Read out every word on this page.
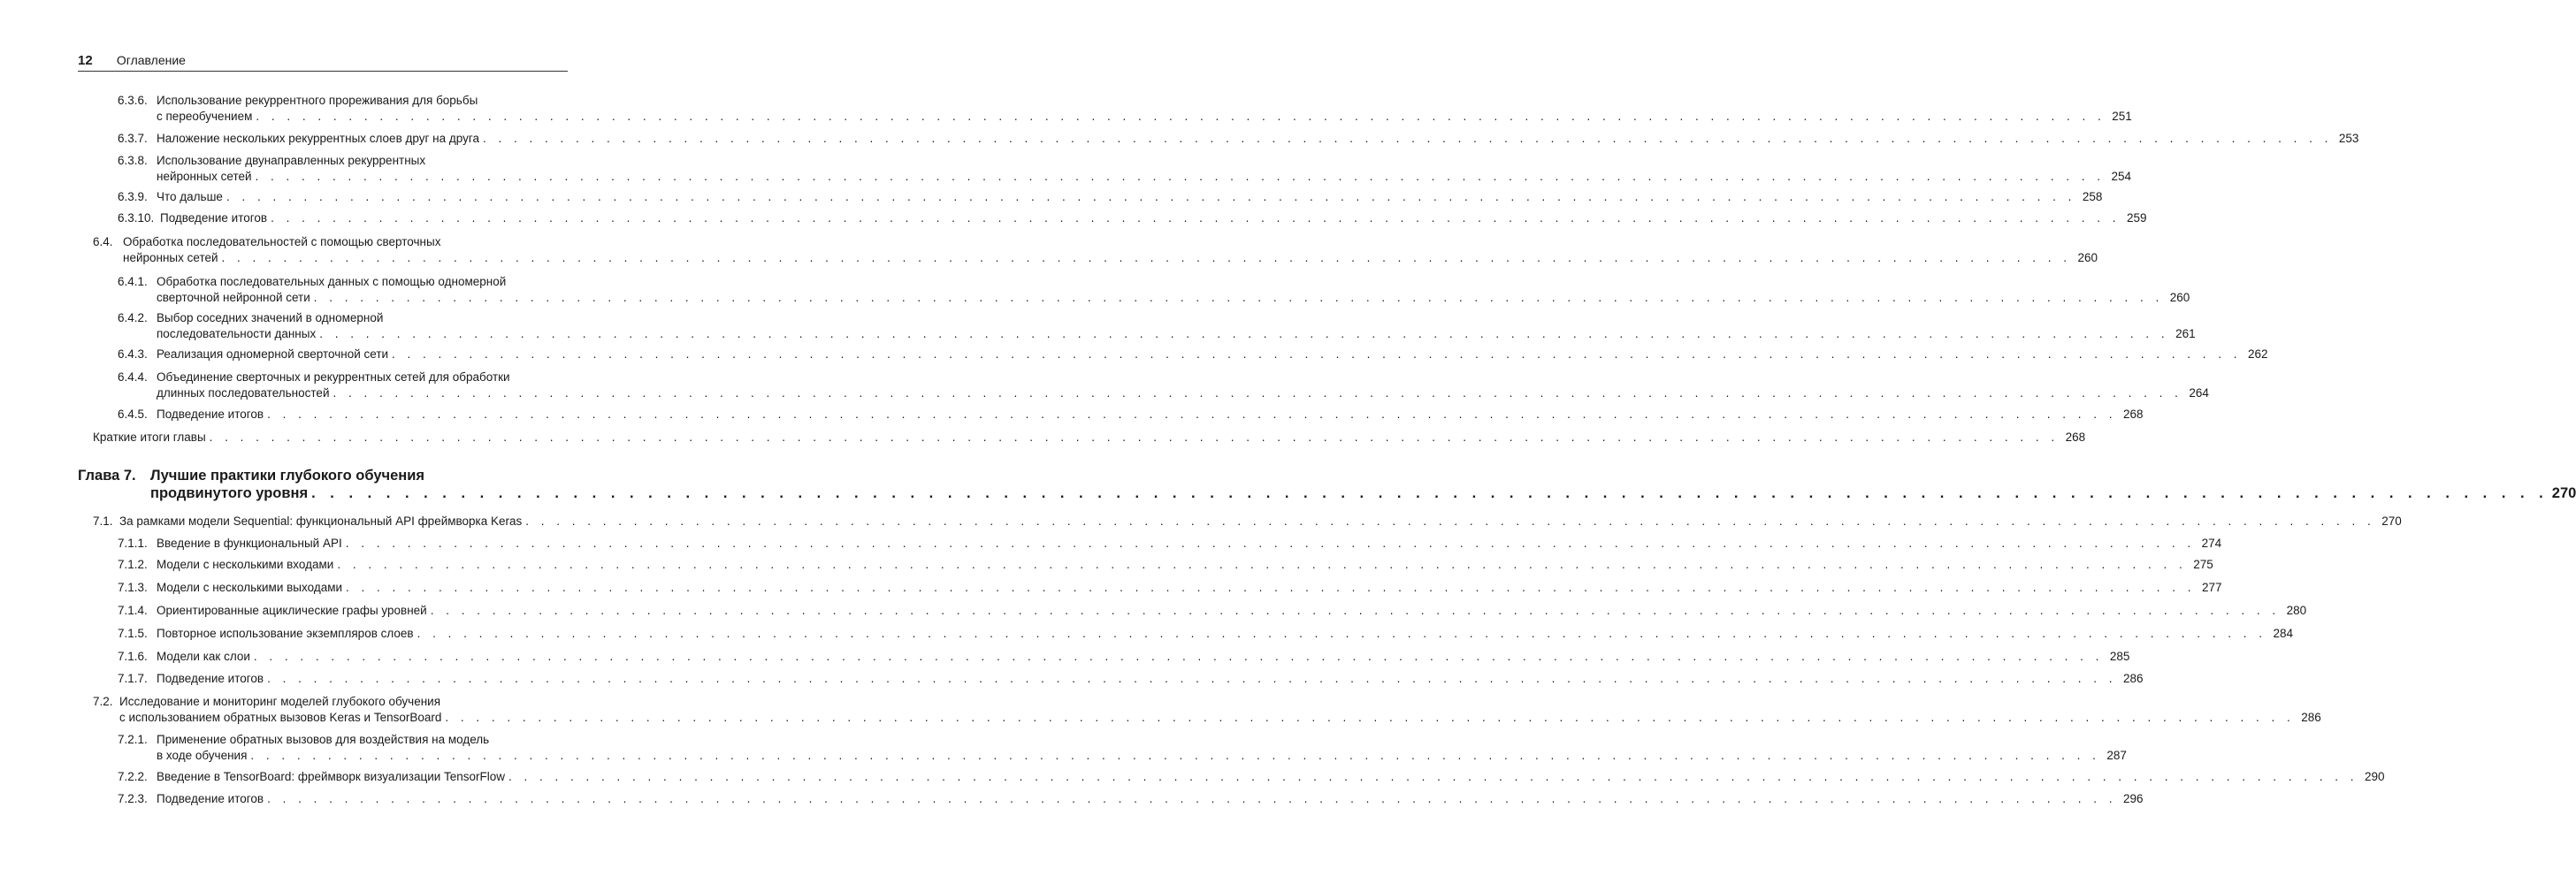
12 Оглавление
6.3.6. Использование рекуррентного прореживания для борьбы
с переобучением . . . . . . . . . . . . . . . . . . . . . . . . . . . . . . . . . . . . . . . . . . . . . . . . . . . . . . . . . . . . . . . . . . . . . . . . . . . . . . . . . . . . . . . . . . . . . . . . . . . . . . . . . . . . . . . . . . . . . . . . 251
6.3.7. Наложение нескольких рекуррентных слоев друг на друга . . . . . . . . . . . . . . . . . . . . . . . . . . . . . . . . . . . . . . . . . . . . . . . . . . . . . . . . . . . . . . . . . . . . . . . . . . . . . . . . . . . . . . . . . . . . . . . . . . . . . . . . . . . . . . . . . . . . . . . . 253
6.3.8. Использование двунаправленных рекуррентных
нейронных сетей . . . . . . . . . . . . . . . . . . . . . . . . . . . . . . . . . . . . . . . . . . . . . . . . . . . . . . . . . . . . . . . . . . . . . . . . . . . . . . . . . . . . . . . . . . . . . . . . . . . . . . . . . . . . . . . . . . . . . . . . 254
6.3.9. Что дальше . . . . . . . . . . . . . . . . . . . . . . . . . . . . . . . . . . . . . . . . . . . . . . . . . . . . . . . . . . . . . . . . . . . . . . . . . . . . . . . . . . . . . . . . . . . . . . . . . . . . . . . . . . . . . . . . . . . . . . . . 258
6.3.10. Подведение итогов . . . . . . . . . . . . . . . . . . . . . . . . . . . . . . . . . . . . . . . . . . . . . . . . . . . . . . . . . . . . . . . . . . . . . . . . . . . . . . . . . . . . . . . . . . . . . . . . . . . . . . . . . . . . . . . . . . . . . . . . 259
6.4. Обработка последовательностей с помощью сверточных
нейронных сетей . . . . . . . . . . . . . . . . . . . . . . . . . . . . . . . . . . . . . . . . . . . . . . . . . . . . . . . . . . . . . . . . . . . . . . . . . . . . . . . . . . . . . . . . . . . . . . . . . . . . . . . . . . . . . . . . . . . . . . . . 260
6.4.1. Обработка последовательных данных с помощью одномерной
сверточной нейронной сети . . . . . . . . . . . . . . . . . . . . . . . . . . . . . . . . . . . . . . . . . . . . . . . . . . . . . . . . . . . . . . . . . . . . . . . . . . . . . . . . . . . . . . . . . . . . . . . . . . . . . . . . . . . . . . . . . . . . . . . . 260
6.4.2. Выбор соседних значений в одномерной
последовательности данных . . . . . . . . . . . . . . . . . . . . . . . . . . . . . . . . . . . . . . . . . . . . . . . . . . . . . . . . . . . . . . . . . . . . . . . . . . . . . . . . . . . . . . . . . . . . . . . . . . . . . . . . . . . . . . . . . . . . . . . . 261
6.4.3. Реализация одномерной сверточной сети . . . . . . . . . . . . . . . . . . . . . . . . . . . . . . . . . . . . . . . . . . . . . . . . . . . . . . . . . . . . . . . . . . . . . . . . . . . . . . . . . . . . . . . . . . . . . . . . . . . . . . . . . . . . . . . . . . . . . . . . 262
6.4.4. Объединение сверточных и рекуррентных сетей для обработки
длинных последовательностей . . . . . . . . . . . . . . . . . . . . . . . . . . . . . . . . . . . . . . . . . . . . . . . . . . . . . . . . . . . . . . . . . . . . . . . . . . . . . . . . . . . . . . . . . . . . . . . . . . . . . . . . . . . . . . . . . . . . . . . . 264
6.4.5. Подведение итогов . . . . . . . . . . . . . . . . . . . . . . . . . . . . . . . . . . . . . . . . . . . . . . . . . . . . . . . . . . . . . . . . . . . . . . . . . . . . . . . . . . . . . . . . . . . . . . . . . . . . . . . . . . . . . . . . . . . . . . . . 268
Краткие итоги главы . . . . . . . . . . . . . . . . . . . . . . . . . . . . . . . . . . . . . . . . . . . . . . . . . . . . . . . . . . . . . . . . . . . . . . . . . . . . . . . . . . . . . . . . . . . . . . . . . . . . . . . . . . . . . . . . . . . . . . . . 268
Глава 7. Лучшие практики глубокого обучения
продвинутого уровня . . . . . . . . . . . . . . . . . . . . . . . . . . . . . . . . . . . . . . . . . . . . . . . . . . . . . . . . . . . . . . . . . . . . . . . . . . . . . . . . . . . . . . . . . . . . . . . . . . . . . . . . . . . . . . . . . . . . . . . . 270
7.1. За рамками модели Sequential: функциональный API фреймворка Keras . . . . . . . . . . . . . . . . . . . . . . . . . . . . . . . . . . . . . . . . . . . . . . . . . . . . . . . . . . . . . . . . . . . . . . . . . . . . . . . . . . . . . . . . . . . . . . . . . . . . . . . . . . . . . . . . . . . . . . . . 270
7.1.1. Введение в функциональный API . . . . . . . . . . . . . . . . . . . . . . . . . . . . . . . . . . . . . . . . . . . . . . . . . . . . . . . . . . . . . . . . . . . . . . . . . . . . . . . . . . . . . . . . . . . . . . . . . . . . . . . . . . . . . . . . . . . . . . . . 274
7.1.2. Модели с несколькими входами . . . . . . . . . . . . . . . . . . . . . . . . . . . . . . . . . . . . . . . . . . . . . . . . . . . . . . . . . . . . . . . . . . . . . . . . . . . . . . . . . . . . . . . . . . . . . . . . . . . . . . . . . . . . . . . . . . . . . . . . 275
7.1.3. Модели с несколькими выходами . . . . . . . . . . . . . . . . . . . . . . . . . . . . . . . . . . . . . . . . . . . . . . . . . . . . . . . . . . . . . . . . . . . . . . . . . . . . . . . . . . . . . . . . . . . . . . . . . . . . . . . . . . . . . . . . . . . . . . . . 277
7.1.4. Ориентированные ациклические графы уровней . . . . . . . . . . . . . . . . . . . . . . . . . . . . . . . . . . . . . . . . . . . . . . . . . . . . . . . . . . . . . . . . . . . . . . . . . . . . . . . . . . . . . . . . . . . . . . . . . . . . . . . . . . . . . . . . . . . . . . . . 280
7.1.5. Повторное использование экземпляров слоев . . . . . . . . . . . . . . . . . . . . . . . . . . . . . . . . . . . . . . . . . . . . . . . . . . . . . . . . . . . . . . . . . . . . . . . . . . . . . . . . . . . . . . . . . . . . . . . . . . . . . . . . . . . . . . . . . . . . . . . . 284
7.1.6. Модели как слои . . . . . . . . . . . . . . . . . . . . . . . . . . . . . . . . . . . . . . . . . . . . . . . . . . . . . . . . . . . . . . . . . . . . . . . . . . . . . . . . . . . . . . . . . . . . . . . . . . . . . . . . . . . . . . . . . . . . . . . . 285
7.1.7. Подведение итогов . . . . . . . . . . . . . . . . . . . . . . . . . . . . . . . . . . . . . . . . . . . . . . . . . . . . . . . . . . . . . . . . . . . . . . . . . . . . . . . . . . . . . . . . . . . . . . . . . . . . . . . . . . . . . . . . . . . . . . . . 286
7.2. Исследование и мониторинг моделей глубокого обучения
с использованием обратных вызовов Keras и TensorBoard . . . . . . . . . . . . . . . . . . . . . . . . . . . . . . . . . . . . . . . . . . . . . . . . . . . . . . . . . . . . . . . . . . . . . . . . . . . . . . . . . . . . . . . . . . . . . . . . . . . . . . . . . . . . . . . . . . . . . . . . 286
7.2.1. Применение обратных вызовов для воздействия на модель
в ходе обучения . . . . . . . . . . . . . . . . . . . . . . . . . . . . . . . . . . . . . . . . . . . . . . . . . . . . . . . . . . . . . . . . . . . . . . . . . . . . . . . . . . . . . . . . . . . . . . . . . . . . . . . . . . . . . . . . . . . . . . . . 287
7.2.2. Введение в TensorBoard: фреймворк визуализации TensorFlow . . . . . . . . . . . . . . . . . . . . . . . . . . . . . . . . . . . . . . . . . . . . . . . . . . . . . . . . . . . . . . . . . . . . . . . . . . . . . . . . . . . . . . . . . . . . . . . . . . . . . . . . . . . . . . . . . . . . . . . . 290
7.2.3. Подведение итогов . . . . . . . . . . . . . . . . . . . . . . . . . . . . . . . . . . . . . . . . . . . . . . . . . . . . . . . . . . . . . . . . . . . . . . . . . . . . . . . . . . . . . . . . . . . . . . . . . . . . . . . . . . . . . . . . . . . . . . . . 296
